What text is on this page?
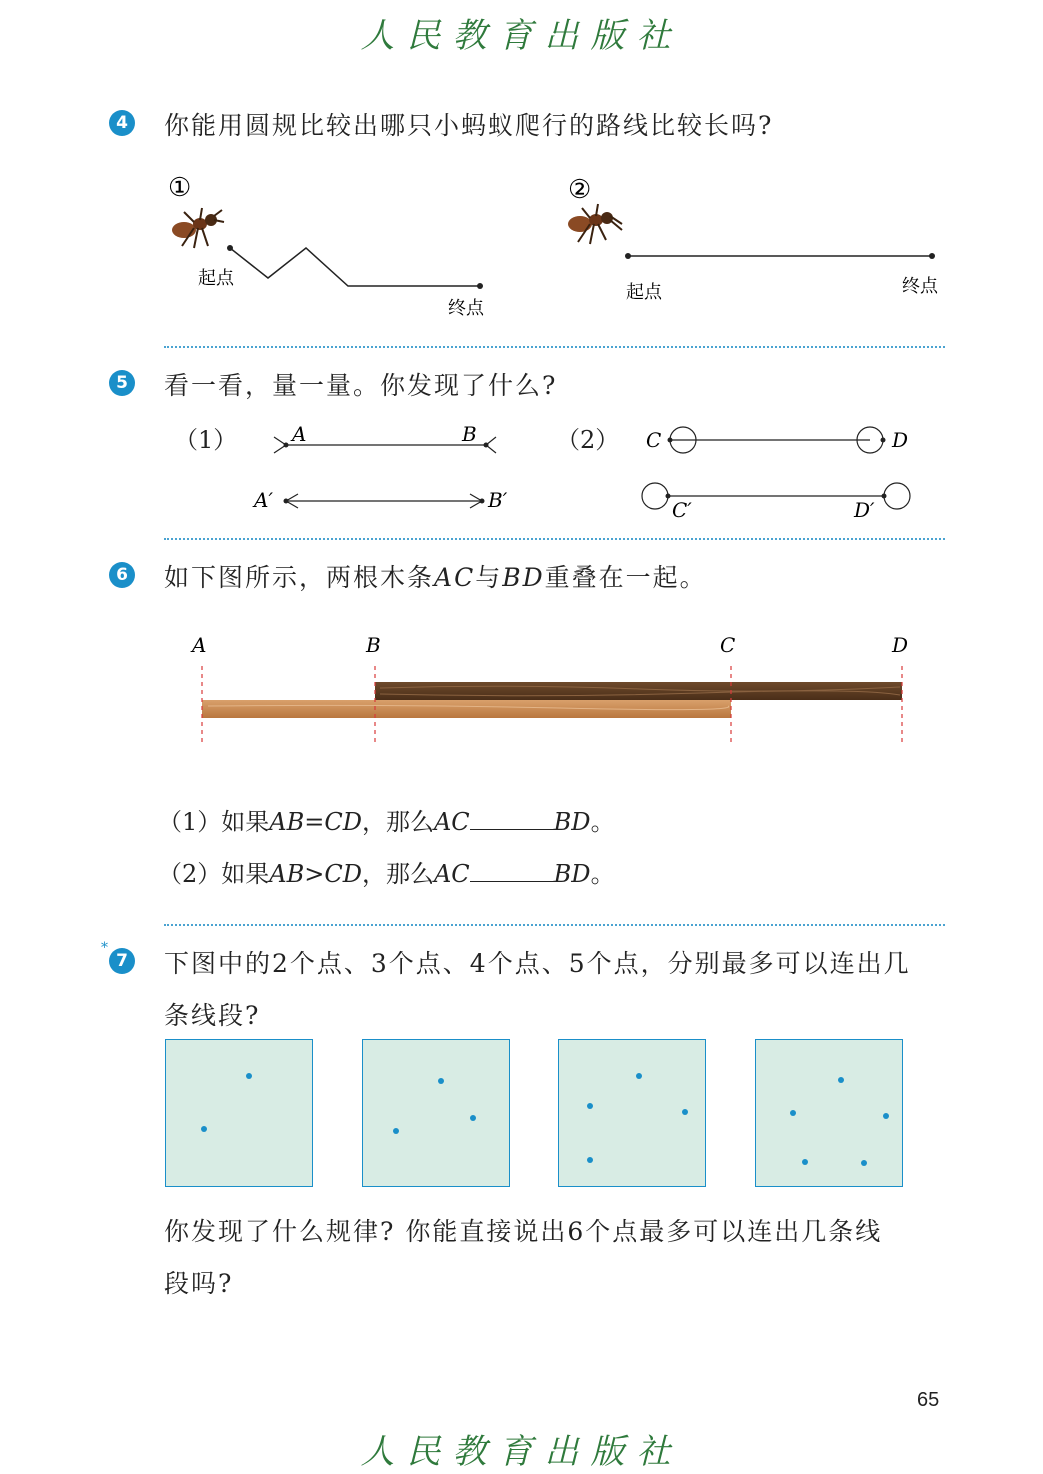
人民教育出版社
4 你能用圆规比较出哪只小蚂蚁爬行的路线比较长吗?
①	②
起点
终点
起点	终点
5 看一看，量一量。你发现了什么?
（1）	（2）
A	B
A′	B′
C	D
C′	D′
6 如下图所示，两根木条AC与BD重叠在一起。
A	B	C	D
（1）如果AB=CD，那么AC	BD。
（2）如果AB>CD，那么AC	BD。
*
7 下图中的2个点、3个点、4个点、5个点，分别最多可以连出几
条线段?
你发现了什么规律? 你能直接说出6个点最多可以连出几条线
段吗?
65
人民教育出版社
